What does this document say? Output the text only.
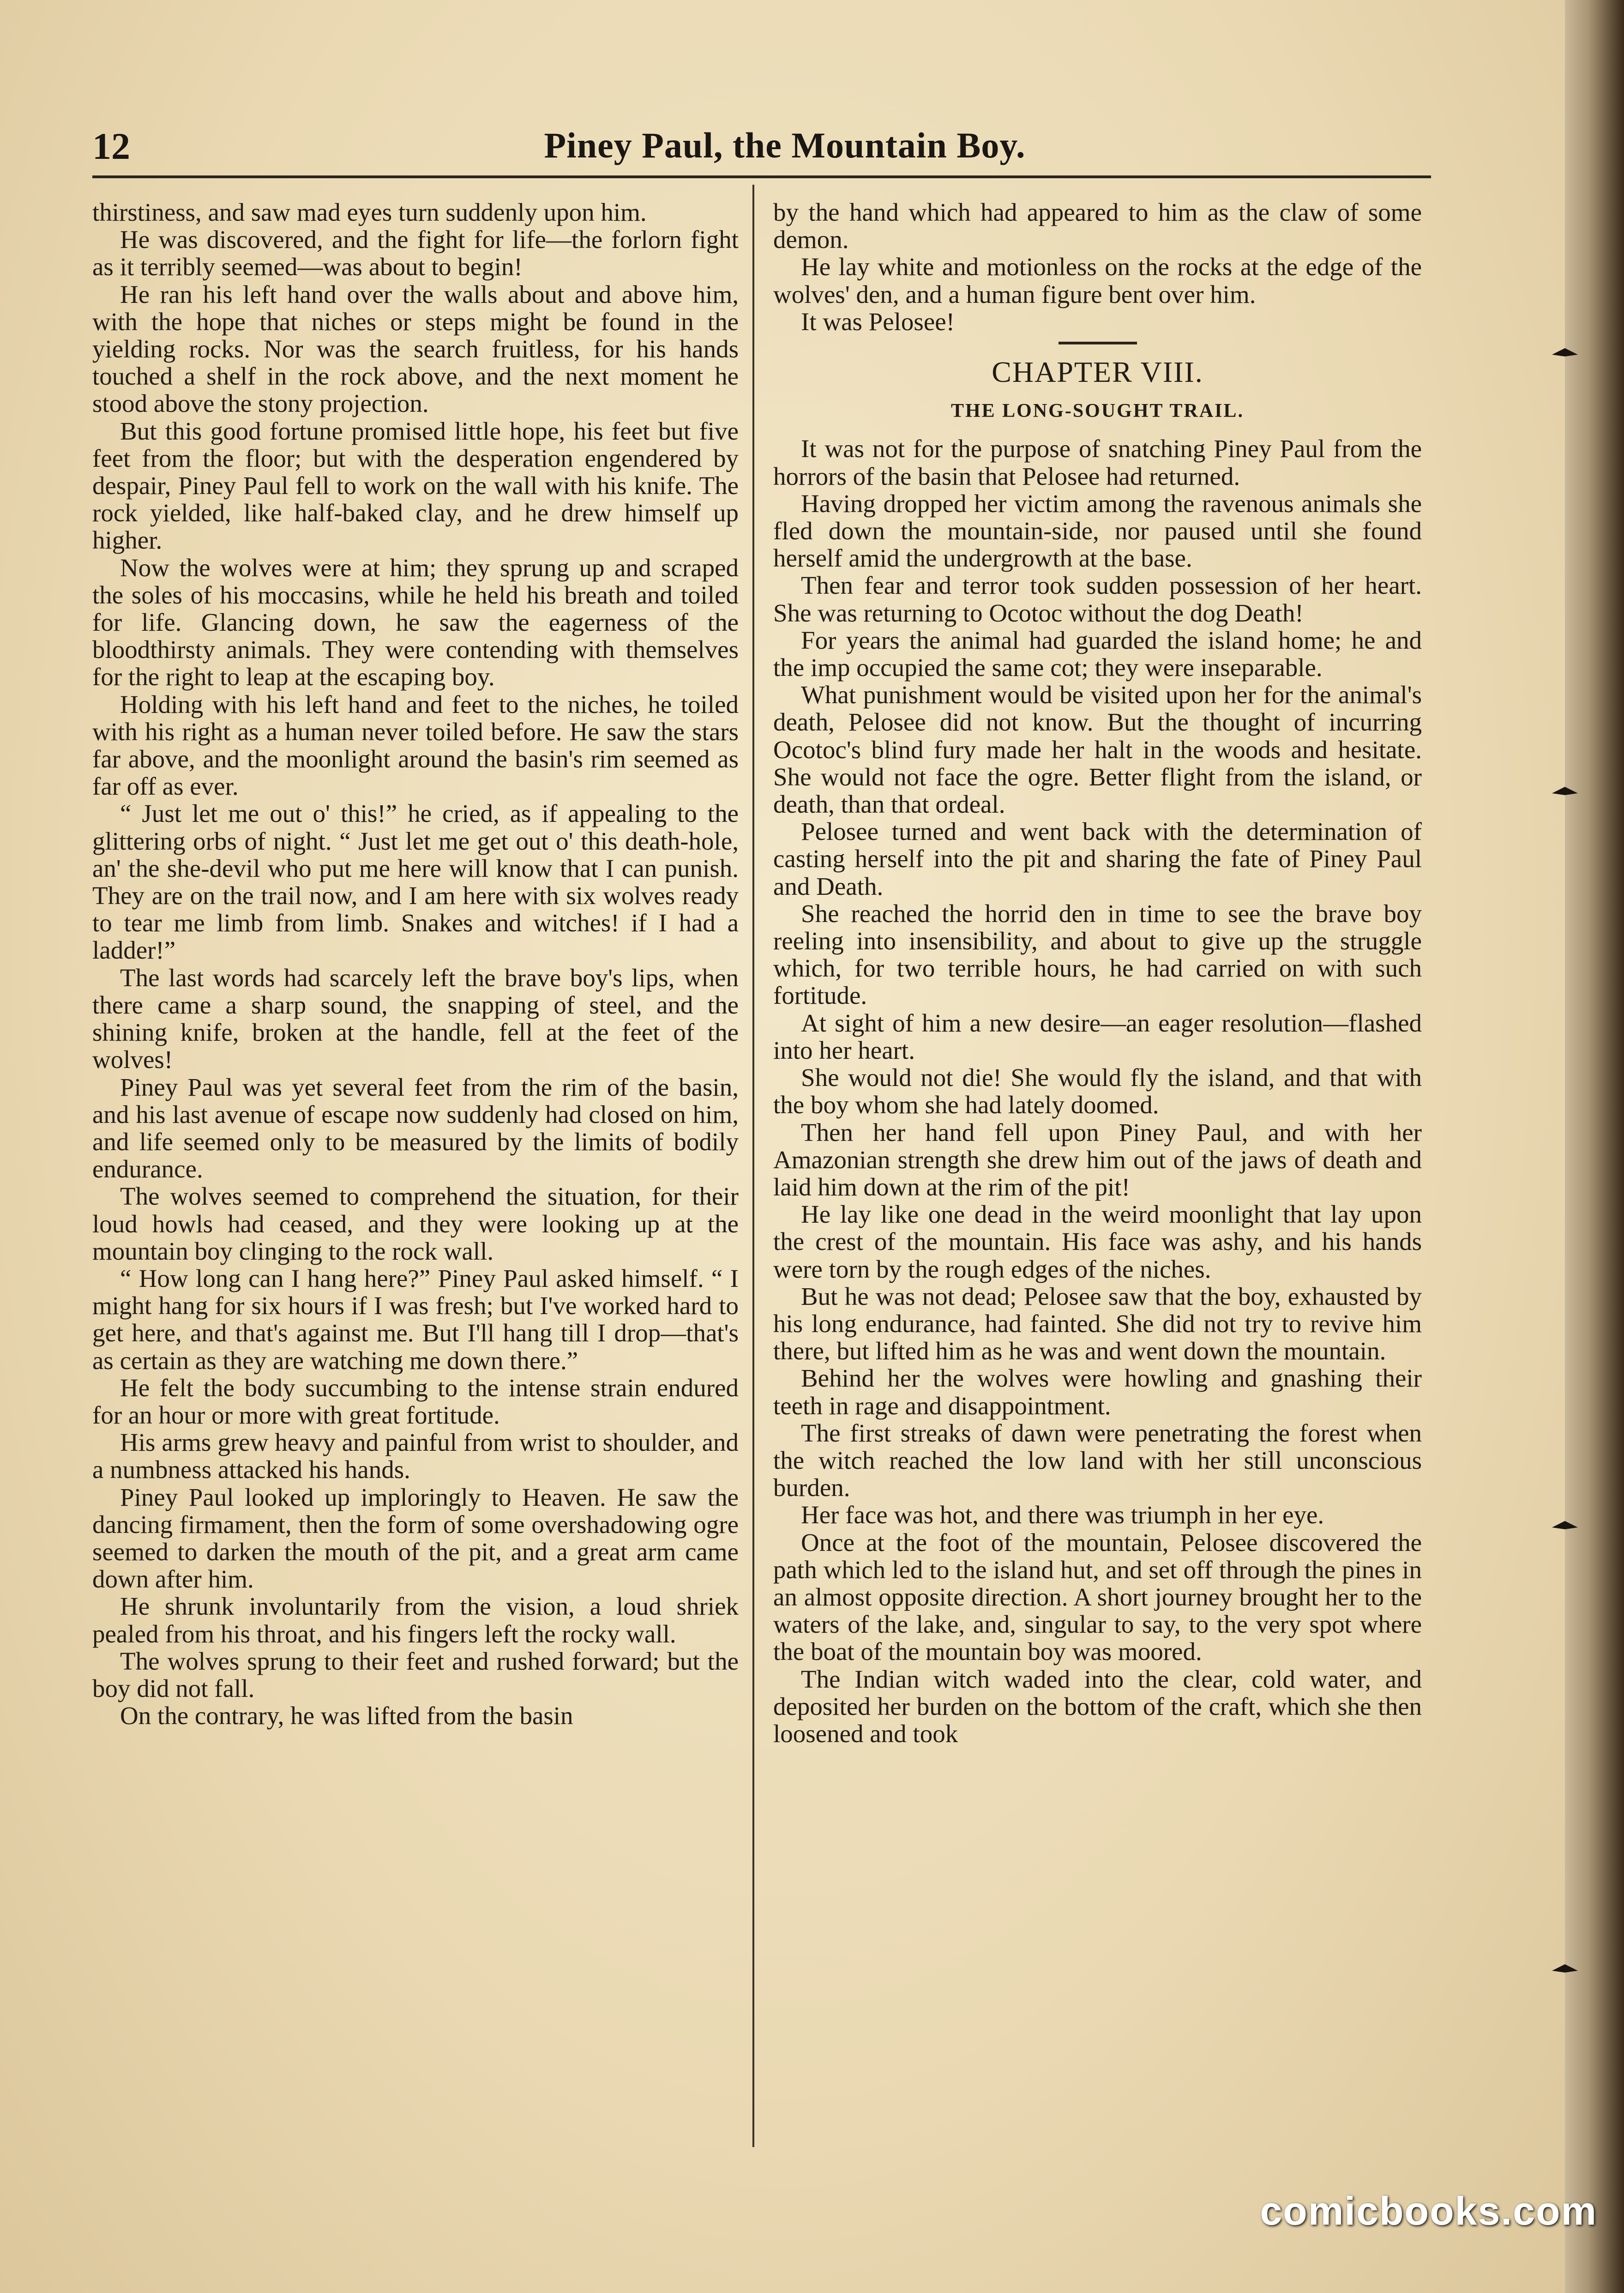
12	Piney Paul, the Mountain Boy.

thirstiness, and saw mad eyes turn suddenly upon him.

He was discovered, and the fight for life—the forlorn fight as it terribly seemed—was about to begin!

He ran his left hand over the walls about and above him, with the hope that niches or steps might be found in the yielding rocks. Nor was the search fruitless, for his hands touched a shelf in the rock above, and the next moment he stood above the stony projection.

But this good fortune promised little hope, his feet but five feet from the floor; but with the desperation engendered by despair, Piney Paul fell to work on the wall with his knife. The rock yielded, like half-baked clay, and he drew himself up higher.

Now the wolves were at him; they sprung up and scraped the soles of his moccasins, while he held his breath and toiled for life. Glancing down, he saw the eagerness of the bloodthirsty animals. They were contending with themselves for the right to leap at the escaping boy.

Holding with his left hand and feet to the niches, he toiled with his right as a human never toiled before. He saw the stars far above, and the moonlight around the basin's rim seemed as far off as ever.

“ Just let me out o' this!” he cried, as if appealing to the glittering orbs of night. “ Just let me get out o' this death-hole, an' the she-devil who put me here will know that I can punish. They are on the trail now, and I am here with six wolves ready to tear me limb from limb. Snakes and witches! if I had a ladder!”

The last words had scarcely left the brave boy's lips, when there came a sharp sound, the snapping of steel, and the shining knife, broken at the handle, fell at the feet of the wolves!

Piney Paul was yet several feet from the rim of the basin, and his last avenue of escape now suddenly had closed on him, and life seemed only to be measured by the limits of bodily endurance.

The wolves seemed to comprehend the situation, for their loud howls had ceased, and they were looking up at the mountain boy clinging to the rock wall.

“ How long can I hang here?” Piney Paul asked himself. “ I might hang for six hours if I was fresh; but I've worked hard to get here, and that's against me. But I'll hang till I drop—that's as certain as they are watching me down there.”

He felt the body succumbing to the intense strain endured for an hour or more with great fortitude.

His arms grew heavy and painful from wrist to shoulder, and a numbness attacked his hands.

Piney Paul looked up imploringly to Heaven. He saw the dancing firmament, then the form of some overshadowing ogre seemed to darken the mouth of the pit, and a great arm came down after him.

He shrunk involuntarily from the vision, a loud shriek pealed from his throat, and his fingers left the rocky wall.

The wolves sprung to their feet and rushed forward; but the boy did not fall.

On the contrary, he was lifted from the basin

by the hand which had appeared to him as the claw of some demon.

He lay white and motionless on the rocks at the edge of the wolves' den, and a human figure bent over him.

It was Pelosee!

CHAPTER VIII.
THE LONG-SOUGHT TRAIL.

It was not for the purpose of snatching Piney Paul from the horrors of the basin that Pelosee had returned.

Having dropped her victim among the ravenous animals she fled down the mountain-side, nor paused until she found herself amid the undergrowth at the base.

Then fear and terror took sudden possession of her heart. She was returning to Ocotoc without the dog Death!

For years the animal had guarded the island home; he and the imp occupied the same cot; they were inseparable.

What punishment would be visited upon her for the animal's death, Pelosee did not know. But the thought of incurring Ocotoc's blind fury made her halt in the woods and hesitate. She would not face the ogre. Better flight from the island, or death, than that ordeal.

Pelosee turned and went back with the determination of casting herself into the pit and sharing the fate of Piney Paul and Death.

She reached the horrid den in time to see the brave boy reeling into insensibility, and about to give up the struggle which, for two terrible hours, he had carried on with such fortitude.

At sight of him a new desire—an eager resolution—flashed into her heart.

She would not die! She would fly the island, and that with the boy whom she had lately doomed.

Then her hand fell upon Piney Paul, and with her Amazonian strength she drew him out of the jaws of death and laid him down at the rim of the pit!

He lay like one dead in the weird moonlight that lay upon the crest of the mountain. His face was ashy, and his hands were torn by the rough edges of the niches.

But he was not dead; Pelosee saw that the boy, exhausted by his long endurance, had fainted. She did not try to revive him there, but lifted him as he was and went down the mountain.

Behind her the wolves were howling and gnashing their teeth in rage and disappointment.

The first streaks of dawn were penetrating the forest when the witch reached the low land with her still unconscious burden.

Her face was hot, and there was triumph in her eye.

Once at the foot of the mountain, Pelosee discovered the path which led to the island hut, and set off through the pines in an almost opposite direction. A short journey brought her to the waters of the lake, and, singular to say, to the very spot where the boat of the mountain boy was moored.

The Indian witch waded into the clear, cold water, and deposited her burden on the bottom of the craft, which she then loosened and took

comicbooks.com
